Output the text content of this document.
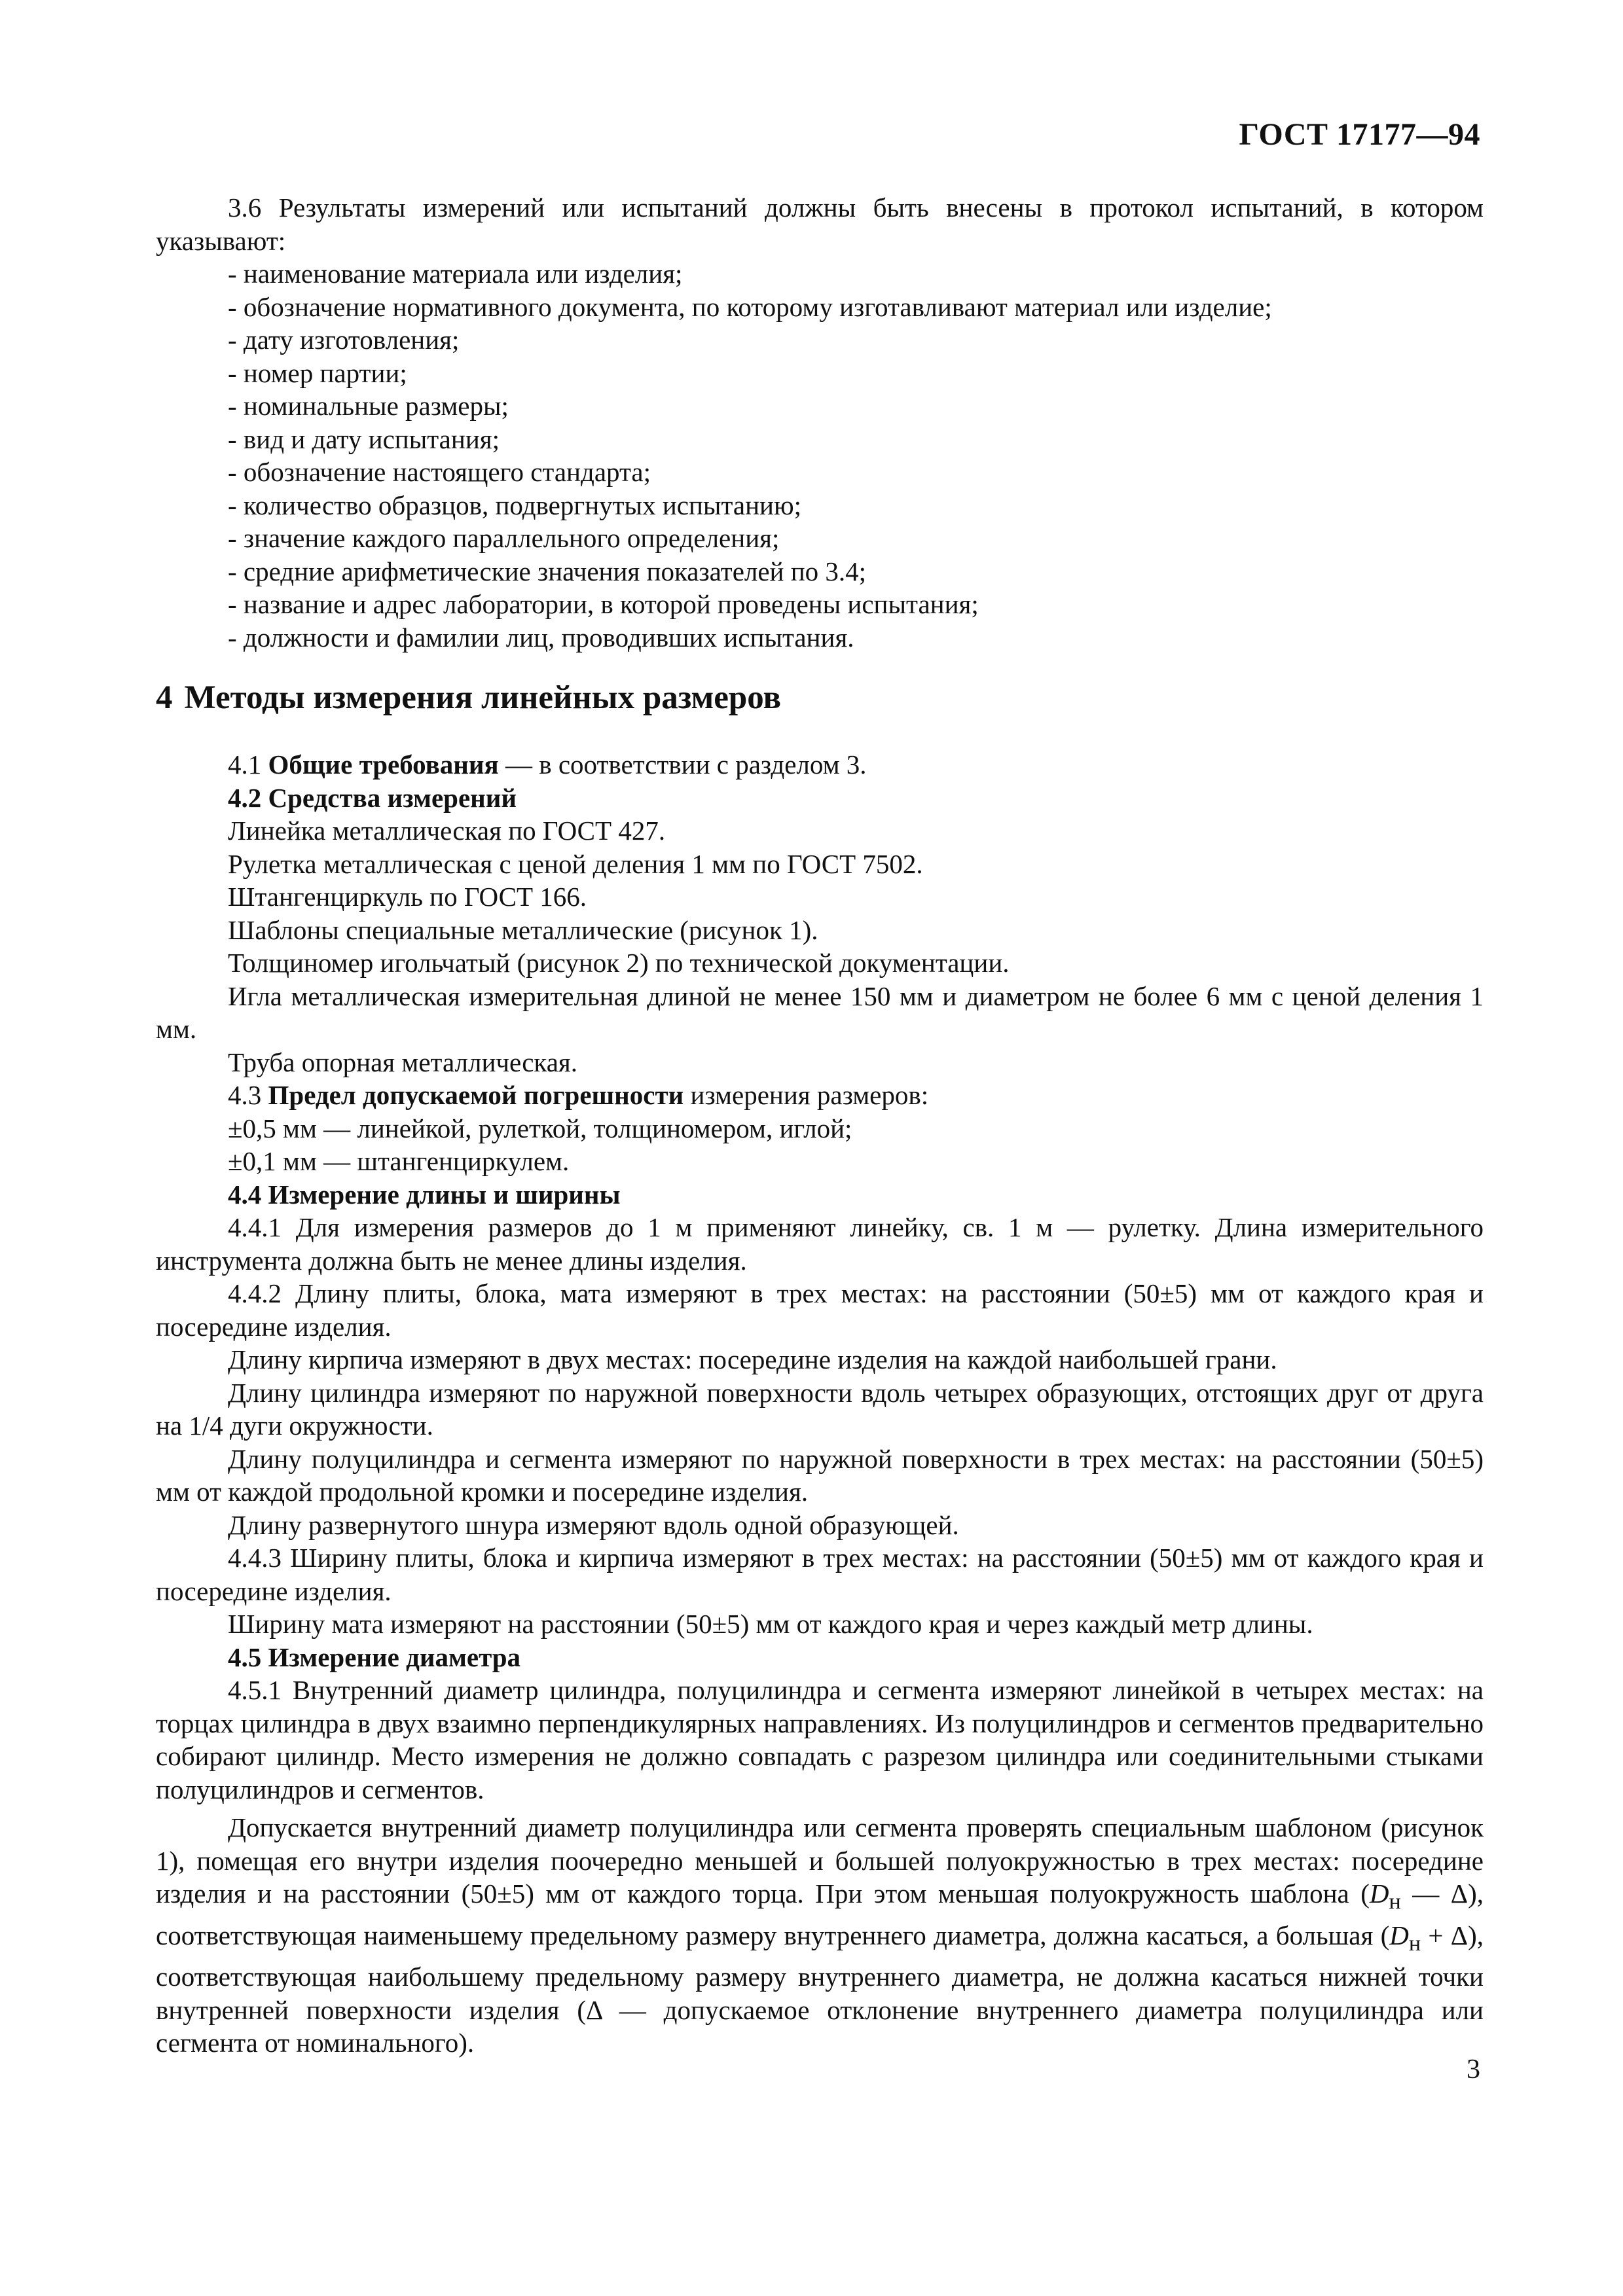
ГОСТ 17177—94

3.6 Результаты измерений или испытаний должны быть внесены в протокол испытаний, в котором указывают:

- наименование материала или изделия;

- обозначение нормативного документа, по которому изготавливают материал или изделие;

- дату изготовления;

- номер партии;

- номинальные размеры;

- вид и дату испытания;

- обозначение настоящего стандарта;

- количество образцов, подвергнутых испытанию;

- значение каждого параллельного определения;

- средние арифметические значения показателей по 3.4;

- название и адрес лаборатории, в которой проведены испытания;

- должности и фамилии лиц, проводивших испытания.

4 Методы измерения линейных размеров

4.1 Общие требования — в соответствии с разделом 3.

4.2 Средства измерений

Линейка металлическая по ГОСТ 427.

Рулетка металлическая с ценой деления 1 мм по ГОСТ 7502.

Штангенциркуль по ГОСТ 166.

Шаблоны специальные металлические (рисунок 1).

Толщиномер игольчатый (рисунок 2) по технической документации.

Игла металлическая измерительная длиной не менее 150 мм и диаметром не более 6 мм с ценой деления 1 мм.

Труба опорная металлическая.

4.3 Предел допускаемой погрешности измерения размеров:

±0,5 мм — линейкой, рулеткой, толщиномером, иглой;

±0,1 мм — штангенциркулем.

4.4 Измерение длины и ширины

4.4.1 Для измерения размеров до 1 м применяют линейку, св. 1 м — рулетку. Длина измерительного инструмента должна быть не менее длины изделия.

4.4.2 Длину плиты, блока, мата измеряют в трех местах: на расстоянии (50±5) мм от каждого края и посередине изделия.

Длину кирпича измеряют в двух местах: посередине изделия на каждой наибольшей грани.

Длину цилиндра измеряют по наружной поверхности вдоль четырех образующих, отстоящих друг от друга на 1/4 дуги окружности.

Длину полуцилиндра и сегмента измеряют по наружной поверхности в трех местах: на расстоянии (50±5) мм от каждой продольной кромки и посередине изделия.

Длину развернутого шнура измеряют вдоль одной образующей.

4.4.3 Ширину плиты, блока и кирпича измеряют в трех местах: на расстоянии (50±5) мм от каждого края и посередине изделия.

Ширину мата измеряют на расстоянии (50±5) мм от каждого края и через каждый метр длины.

4.5 Измерение диаметра

4.5.1 Внутренний диаметр цилиндра, полуцилиндра и сегмента измеряют линейкой в четырех местах: на торцах цилиндра в двух взаимно перпендикулярных направлениях. Из полуцилиндров и сегментов предварительно собирают цилиндр. Место измерения не должно совпадать с разрезом цилиндра или соединительными стыками полуцилиндров и сегментов.

Допускается внутренний диаметр полуцилиндра или сегмента проверять специальным шаблоном (рисунок 1), помещая его внутри изделия поочередно меньшей и большей полуокружностью в трех местах: посередине изделия и на расстоянии (50±5) мм от каждого торца. При этом меньшая полуокружность шаблона ($D_н$ — Δ), соответствующая наименьшему предельному размеру внутреннего диаметра, должна касаться, а большая $(D_н + \Delta)$, соответствующая наибольшему предельному размеру внутреннего диаметра, не должна касаться нижней точки внутренней поверхности изделия (Δ — допускаемое отклонение внутреннего диаметра полуцилиндра или сегмента от номинального).

3
